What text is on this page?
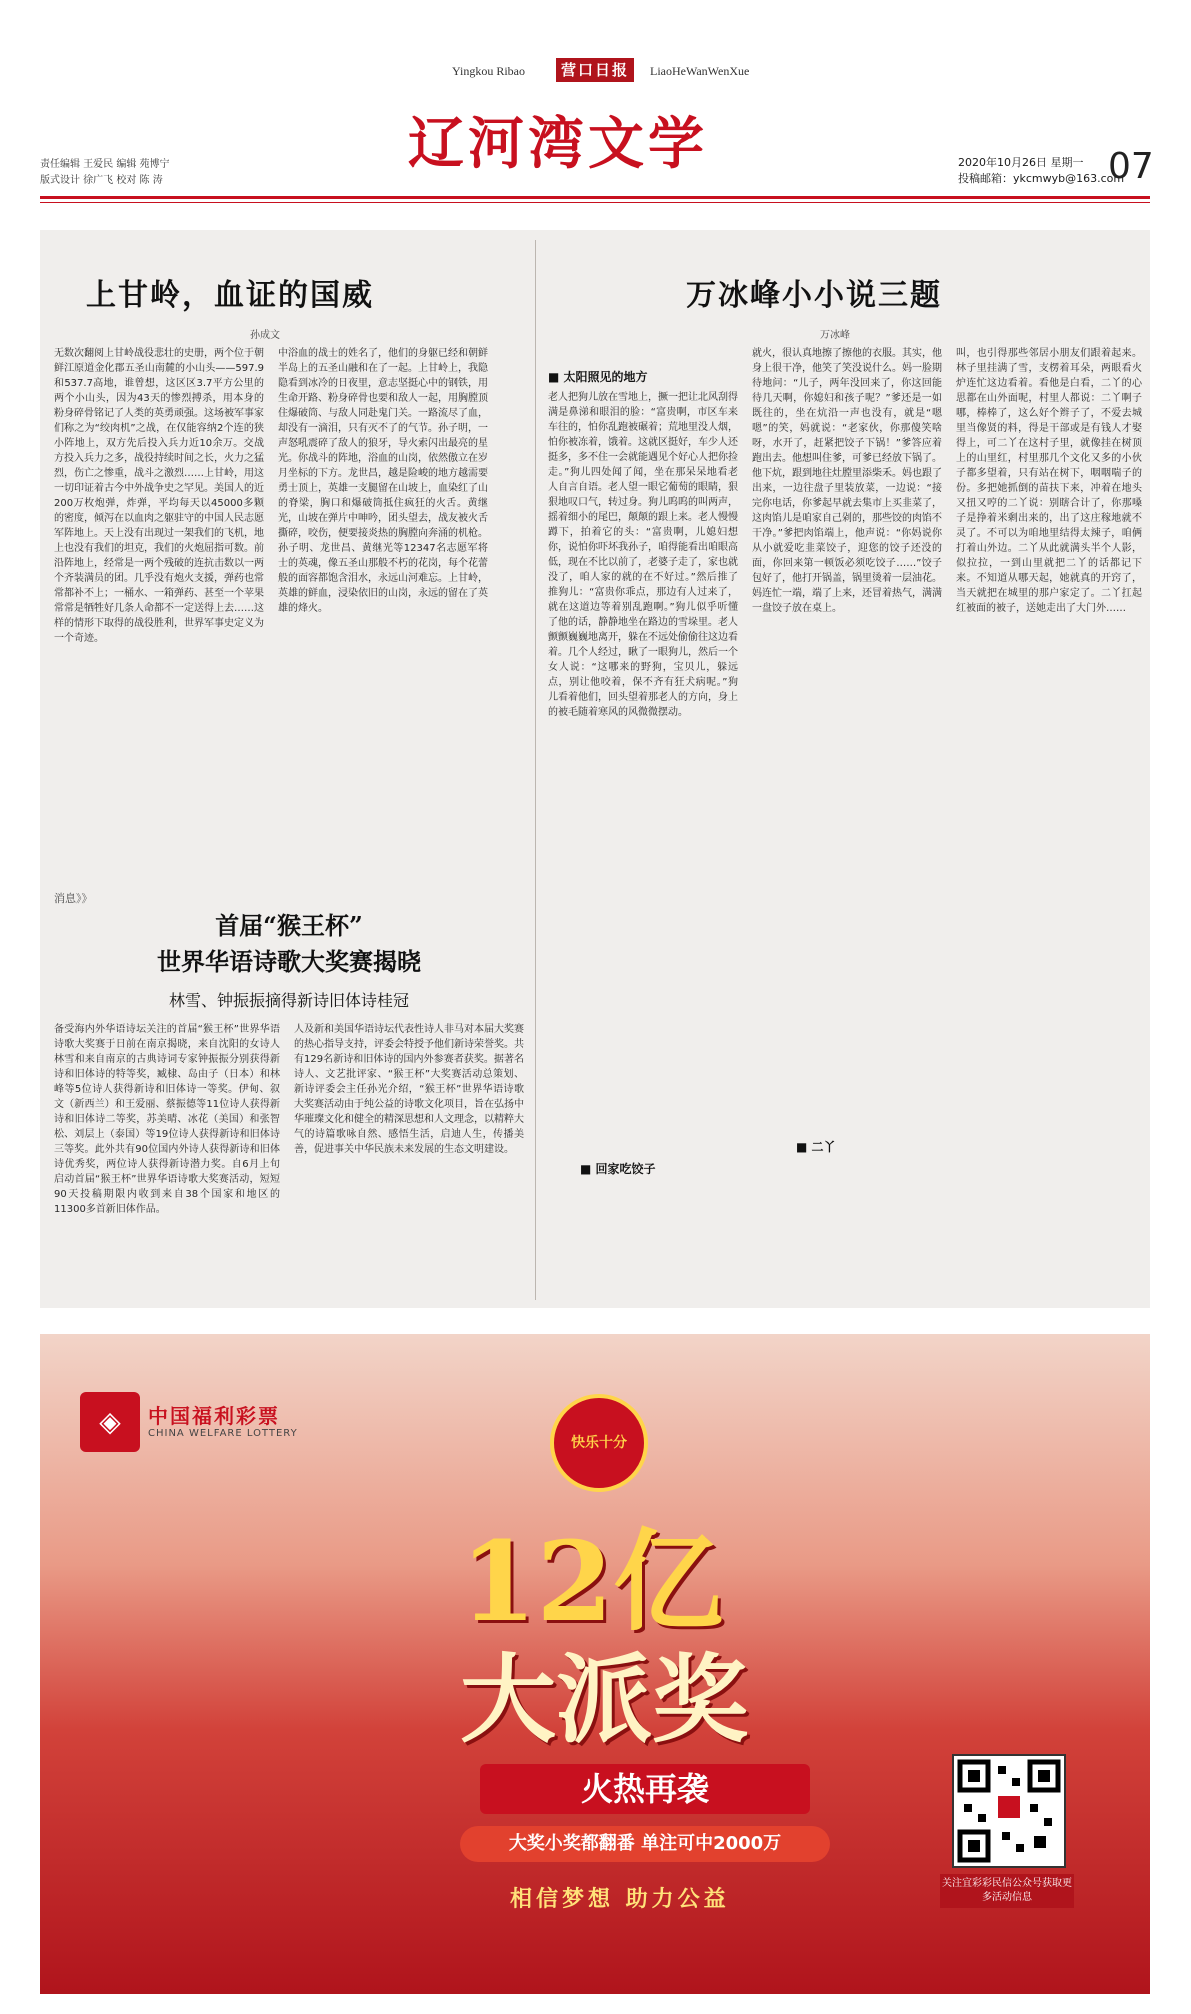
Yingkou Ribao	营口日报	LiaoHeWanWenXue
辽河湾文学
责任编辑 王爱民 编辑 苑博宁
版式设计 徐广飞 校对 陈 涛
2020年10月26日 星期一
投稿邮箱：ykcmwyb@163.com
07
上甘岭，血证的国威
孙成文
无数次翻阅上甘岭战役悲壮的史册，两个位于朝鲜江原道金化郡五圣山南麓的小山头——597.9和537.7高地，谁曾想，这区区3.7平方公里的两个小山头，因为43天的惨烈搏杀，用本身的粉身碎骨铭记了人类的英勇顽强。这场被军事家们称之为“绞肉机”之战，在仅能容纳2个连的狭小阵地上，双方先后投入兵力近10余万。交战方投入兵力之多，战役持续时间之长，火力之猛烈，伤亡之惨重，战斗之激烈……上甘岭，用这一切印证着古今中外战争史之罕见。美国人的近200万枚炮弹，炸弹，平均每天以45000多颗的密度，倾泻在以血肉之躯驻守的中国人民志愿军阵地上。天上没有出现过一架我们的飞机，地上也没有我们的坦克，我们的火炮屈指可数。前沿阵地上，经常是一两个残破的连抗击数以一两个齐装满员的团。几乎没有炮火支援，弹药也常常都补不上；一桶水、一箱弹药、甚至一个苹果常常是牺牲好几条人命都不一定送得上去……这样的情形下取得的战役胜利，世界军事史定义为一个奇迹。
中浴血的战士的姓名了，他们的身躯已经和朝鲜半岛上的五圣山融和在了一起。上甘岭上，我隐隐看到冰冷的日夜里，意志坚挺心中的钢铁，用生命开路、粉身碎骨也要和敌人一起，用胸膛顶住爆破筒、与敌人同赴鬼门关。一路流尽了血，却没有一滴泪，只有灭不了的气节。孙子明，一声怒吼震碎了敌人的狼牙，导火索闪出最亮的星光。你战斗的阵地，浴血的山岗，依然傲立在岁月坐标的下方。龙世昌，越是险峻的地方越需要勇士顶上，英雄一支腿留在山坡上，血染红了山的脊梁，胸口和爆破筒抵住疯狂的火舌。黄继光，山坡在弹片中呻吟，团头望去，战友被火舌撕碎，咬伤，便要接炎热的胸膛向奔涌的机枪。孙子明、龙世昌、黄继光等12347名志愿军将士的英魂，像五圣山那般不朽的花岗，每个花蕾般的面容都饱含泪水，永远山河难忘。上甘岭，英雄的鲜血，浸染依旧的山岗，永远的留在了英雄的烽火。
消息》》
首届“猴王杯”
世界华语诗歌大奖赛揭晓
林雪、钟振振摘得新诗旧体诗桂冠
备受海内外华语诗坛关注的首届“猴王杯”世界华语诗歌大奖赛于日前在南京揭晓，来自沈阳的女诗人林雪和来自南京的古典诗词专家钟振振分别获得新诗和旧体诗的特等奖，臧棣、岛由子（日本）和林峰等5位诗人获得新诗和旧体诗一等奖。伊甸、叙文（新西兰）和王爱丽、蔡振德等11位诗人获得新诗和旧体诗二等奖，苏美晴、冰花（美国）和张智松、刘层上（泰国）等19位诗人获得新诗和旧体诗三等奖。此外共有90位国内外诗人获得新诗和旧体诗优秀奖，两位诗人获得新诗潜力奖。自6月上旬启动首届“猴王杯”世界华语诗歌大奖赛活动，短短90天投稿期限内收到来自38个国家和地区的11300多首新旧体作品。
人及新和美国华语诗坛代表性诗人非马对本届大奖赛的热心指导支持，评委会特授予他们新诗荣誉奖。共有129名新诗和旧体诗的国内外参赛者获奖。据著名诗人、文艺批评家、“猴王杯”大奖赛活动总策划、新诗评委会主任孙光介绍，“猴王杯”世界华语诗歌大奖赛活动由于纯公益的诗歌文化项目，旨在弘扬中华璀璨文化和健全的精深思想和人文理念，以精粹大气的诗篇歌咏自然、感悟生活，启迪人生，传播美善，促进事关中华民族未来发展的生态文明建设。
万冰峰小小说三题
万冰峰
■ 太阳照见的地方
老人把狗儿放在雪地上，撅一把让北风刮得满是鼻涕和眼泪的脸：“富贵啊，市区车来车往的，怕你乱跑被碾着；荒地里没人烟，怕你被冻着，饿着。这就区挺好，车少人还挺多，多不住一会就能遇见个好心人把你捡走。”狗儿四处闻了闻，坐在那呆呆地看老人自言自语。老人望一眼它葡萄的眼睛，狠狠地叹口气，转过身。狗儿呜呜的叫两声，摇着细小的尾巴，颠颠的跟上来。老人慢慢蹲下，拍着它的头：“富贵啊，儿媳妇想你，说怕你吓坏我孙子，咱得能看出咱眼高低，现在不比以前了，老婆子走了，家也就没了，咱人家的就的在不好过。”然后推了推狗儿：“富贵你乖点，那边有人过来了，就在这道边等着别乱跑啊。”狗儿似乎听懂了他的话，静静地坐在路边的雪垛里。老人颤颤巍巍地离开，躲在不远处偷偷往这边看着。几个人经过，瞅了一眼狗儿，然后一个女人说：“这哪来的野狗，宝贝儿，躲远点，别让他咬着，保不齐有狂犬病呢。”狗儿看着他们，回头望着那老人的方向，身上的被毛随着寒风的风微微摆动。
■ 回家吃饺子
就火，很认真地擦了擦他的衣服。其实，他身上很干净，他笑了笑没说什么。妈一脸期待地问：“儿子，两年没回来了，你这回能待几天啊，你媳妇和孩子呢？”爹还是一如既往的，坐在炕沿一声也没有，就是“嗯嗯”的笑，妈就说：“老家伙，你那傻笑啥呀，水开了，赶紧把饺子下锅！”爹答应着跑出去。他想叫住爹，可爹已经放下锅了。他下炕，跟到地往灶膛里添柴禾。妈也跟了出来，一边往盘子里装放菜，一边说：“接完你电话，你爹起早就去集市上买韭菜了，这肉馅儿是咱家自己剁的，那些饺的肉馅不干净。”爹把肉馅端上，他声说：“你妈说你从小就爱吃韭菜饺子，迎您的饺子还没的面，你回来第一顿饭必须吃饺子……”饺子包好了，他打开锅盖，锅里烫着一层油花。妈连忙一端，端了上来，还冒着热气，满满一盘饺子放在桌上。
■ 二丫
叫，也引得那些邻居小朋友们跟着起来。林子里挂满了雪，支楞着耳朵，两眼看火炉连忙这边看着。看他是白看，二丫的心思都在山外面呢，村里人都说：二丫啊子哪，棒棒了，这么好个辫子了，不爱去城里当像贤的料，得是干部或是有钱人才娶得上，可二丫在这村子里，就像挂在树顶上的山里红，村里那几个文化又多的小伙子都多望着，只有站在树下，咽咽喘子的份。多把她抓倒的苗扶下来，冲着在地头又扭又哼的二丫说：别瞎合计了，你那嗓子是挣着米剩出来的，出了这庄稼地就不灵了。不可以为咱地里结得太辣子，咱俩打着山外边。二丫从此就满头半个人影，似拉拉，一到山里就把二丫的话都记下来。不知道从哪天起，她就真的开窍了，当天就把在城里的那户家定了。二丫扛起红被面的被子，送她走出了大门外……
◈	中国福利彩票
CHINA WELFARE LOTTERY
快乐十分
12亿
大派奖
火热再袭
大奖小奖都翻番 单注可中2000万
相信梦想 助力公益
关注宜彩彩民信公众号获取更多活动信息
